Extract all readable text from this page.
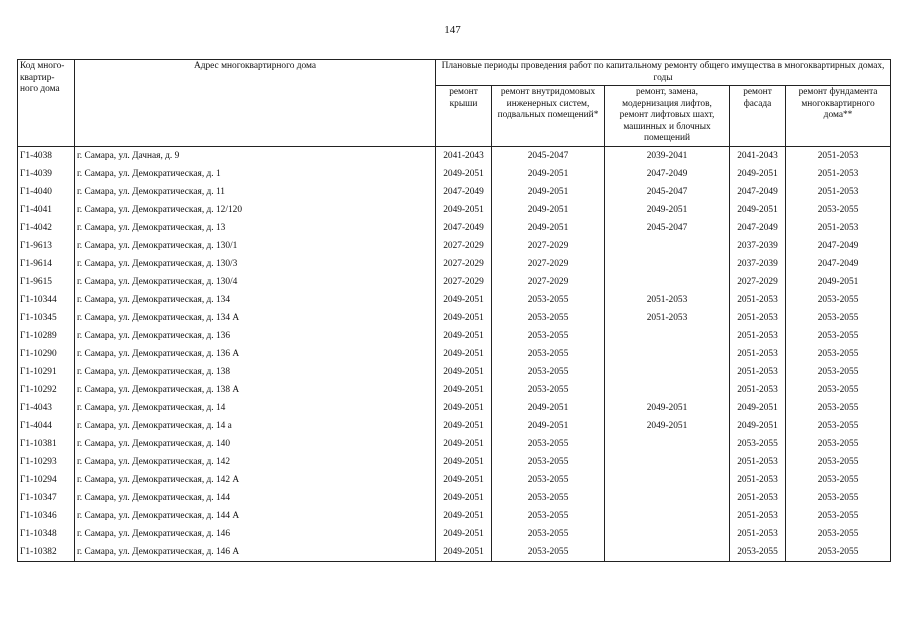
147
Код много-квартир-ного дома	Адрес многоквартирного дома	Плановые периоды проведения работ по капитальному ремонту общего имущества в многоквартирных домах, годы				
		ремонт крыши	ремонт внутридомовых инженерных систем, подвальных помещений*	ремонт, замена, модернизация лифтов, ремонт лифтовых шахт, машинных и блочных помещений	ремонт фасада	ремонт фундамента многоквартирного дома**
Г1-4038	г. Самара, ул. Дачная, д. 9	2041-2043	2045-2047	2039-2041	2041-2043	2051-2053
Г1-4039	г. Самара, ул. Демократическая, д. 1	2049-2051	2049-2051	2047-2049	2049-2051	2051-2053
Г1-4040	г. Самара, ул. Демократическая, д. 11	2047-2049	2049-2051	2045-2047	2047-2049	2051-2053
Г1-4041	г. Самара, ул. Демократическая, д. 12/120	2049-2051	2049-2051	2049-2051	2049-2051	2053-2055
Г1-4042	г. Самара, ул. Демократическая, д. 13	2047-2049	2049-2051	2045-2047	2047-2049	2051-2053
Г1-9613	г. Самара, ул. Демократическая, д. 130/1	2027-2029	2027-2029		2037-2039	2047-2049
Г1-9614	г. Самара, ул. Демократическая, д. 130/3	2027-2029	2027-2029		2037-2039	2047-2049
Г1-9615	г. Самара, ул. Демократическая, д. 130/4	2027-2029	2027-2029		2027-2029	2049-2051
Г1-10344	г. Самара, ул. Демократическая, д. 134	2049-2051	2053-2055	2051-2053	2051-2053	2053-2055
Г1-10345	г. Самара, ул. Демократическая, д. 134 А	2049-2051	2053-2055	2051-2053	2051-2053	2053-2055
Г1-10289	г. Самара, ул. Демократическая, д. 136	2049-2051	2053-2055		2051-2053	2053-2055
Г1-10290	г. Самара, ул. Демократическая, д. 136 А	2049-2051	2053-2055		2051-2053	2053-2055
Г1-10291	г. Самара, ул. Демократическая, д. 138	2049-2051	2053-2055		2051-2053	2053-2055
Г1-10292	г. Самара, ул. Демократическая, д. 138 А	2049-2051	2053-2055		2051-2053	2053-2055
Г1-4043	г. Самара, ул. Демократическая, д. 14	2049-2051	2049-2051	2049-2051	2049-2051	2053-2055
Г1-4044	г. Самара, ул. Демократическая, д. 14 а	2049-2051	2049-2051	2049-2051	2049-2051	2053-2055
Г1-10381	г. Самара, ул. Демократическая, д. 140	2049-2051	2053-2055		2053-2055	2053-2055
Г1-10293	г. Самара, ул. Демократическая, д. 142	2049-2051	2053-2055		2051-2053	2053-2055
Г1-10294	г. Самара, ул. Демократическая, д. 142 А	2049-2051	2053-2055		2051-2053	2053-2055
Г1-10347	г. Самара, ул. Демократическая, д. 144	2049-2051	2053-2055		2051-2053	2053-2055
Г1-10346	г. Самара, ул. Демократическая, д. 144 А	2049-2051	2053-2055		2051-2053	2053-2055
Г1-10348	г. Самара, ул. Демократическая, д. 146	2049-2051	2053-2055		2051-2053	2053-2055
Г1-10382	г. Самара, ул. Демократическая, д. 146 А	2049-2051	2053-2055		2053-2055	2053-2055
